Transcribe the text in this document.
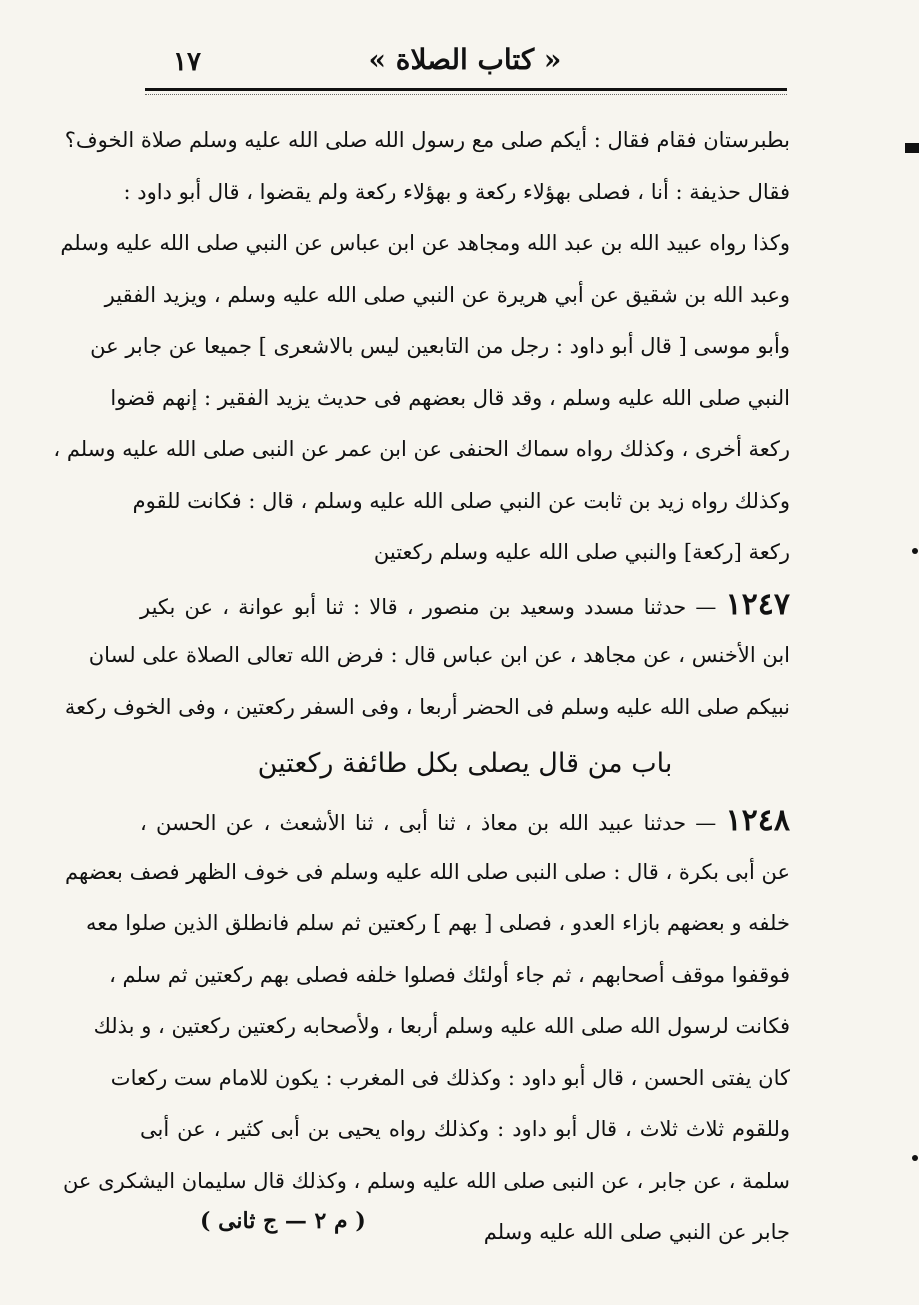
« كتاب الصلاة »
١٧
بطبرستان فقام فقال : أيكم صلى مع رسول الله صلى الله عليه وسلم صلاة الخوف؟
فقال حذيفة : أنا ، فصلى بهؤلاء ركعة و بهؤلاء ركعة ولم يقضوا ، قال أبو داود :
وكذا رواه عبيد الله بن عبد الله ومجاهد عن ابن عباس عن النبي صلى الله عليه وسلم
وعبد الله بن شقيق عن أبي هريرة عن النبي صلى الله عليه وسلم ، ويزيد الفقير
وأبو موسى [ قال أبو داود : رجل من التابعين ليس بالاشعرى ] جميعا عن جابر عن
النبي صلى الله عليه وسلم ، وقد قال بعضهم فى حديث يزيد الفقير : إنهم قضوا
ركعة أخرى ، وكذلك رواه سماك الحنفى عن ابن عمر عن النبى صلى الله عليه وسلم ،
وكذلك رواه زيد بن ثابت عن النبي صلى الله عليه وسلم ، قال : فكانت للقوم
ركعة [ركعة] والنبي صلى الله عليه وسلم ركعتين
١٢٤٧ — حدثنا مسدد وسعيد بن منصور ، قالا : ثنا أبو عوانة ، عن بكير
ابن الأخنس ، عن مجاهد ، عن ابن عباس قال : فرض الله تعالى الصلاة على لسان
نبيكم صلى الله عليه وسلم فى الحضر أربعا ، وفى السفر ركعتين ، وفى الخوف ركعة
باب من قال يصلى بكل طائفة ركعتين
١٢٤٨ — حدثنا عبيد الله بن معاذ ، ثنا أبى ، ثنا الأشعث ، عن الحسن ،
عن أبى بكرة ، قال : صلى النبى صلى الله عليه وسلم فى خوف الظهر فصف بعضهم
خلفه و بعضهم بازاء العدو ، فصلى [ بهم ] ركعتين ثم سلم فانطلق الذين صلوا معه
فوقفوا موقف أصحابهم ، ثم جاء أولئك فصلوا خلفه فصلى بهم ركعتين ثم سلم ،
فكانت لرسول الله صلى الله عليه وسلم أربعا ، ولأصحابه ركعتين ركعتين ، و بذلك
كان يفتى الحسن ، قال أبو داود : وكذلك فى المغرب : يكون للامام ست ركعات
وللقوم ثلاث ثلاث ، قال أبو داود : وكذلك رواه يحيى بن أبى كثير ، عن أبى
سلمة ، عن جابر ، عن النبى صلى الله عليه وسلم ، وكذلك قال سليمان اليشكرى عن
جابر عن النبي صلى الله عليه وسلم
( م ٢ — ج ثانى )
